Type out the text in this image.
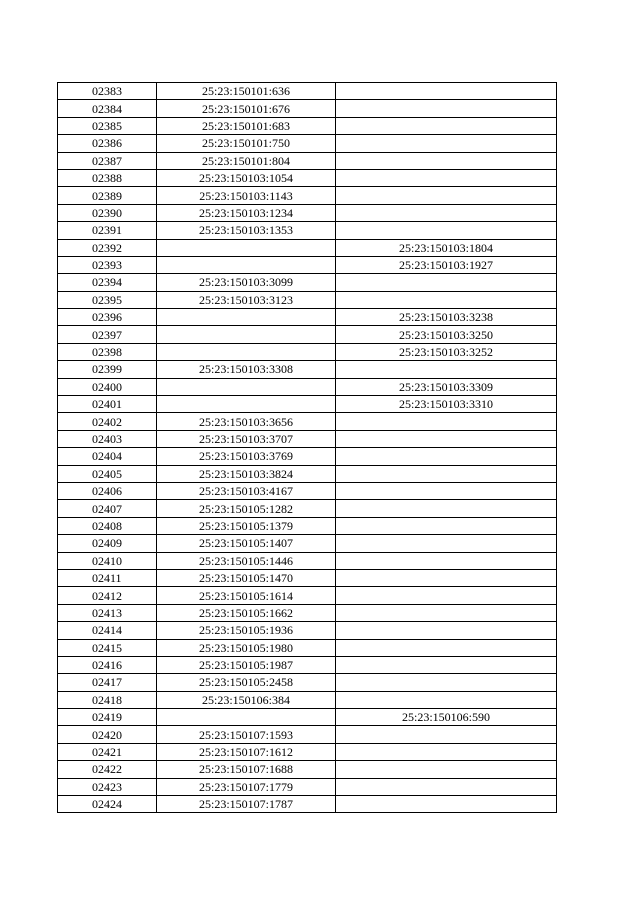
02383	25:23:150101:636	
02384	25:23:150101:676	
02385	25:23:150101:683	
02386	25:23:150101:750	
02387	25:23:150101:804	
02388	25:23:150103:1054	
02389	25:23:150103:1143	
02390	25:23:150103:1234	
02391	25:23:150103:1353	
02392		25:23:150103:1804
02393		25:23:150103:1927
02394	25:23:150103:3099	
02395	25:23:150103:3123	
02396		25:23:150103:3238
02397		25:23:150103:3250
02398		25:23:150103:3252
02399	25:23:150103:3308	
02400		25:23:150103:3309
02401		25:23:150103:3310
02402	25:23:150103:3656	
02403	25:23:150103:3707	
02404	25:23:150103:3769	
02405	25:23:150103:3824	
02406	25:23:150103:4167	
02407	25:23:150105:1282	
02408	25:23:150105:1379	
02409	25:23:150105:1407	
02410	25:23:150105:1446	
02411	25:23:150105:1470	
02412	25:23:150105:1614	
02413	25:23:150105:1662	
02414	25:23:150105:1936	
02415	25:23:150105:1980	
02416	25:23:150105:1987	
02417	25:23:150105:2458	
02418	25:23:150106:384	
02419		25:23:150106:590
02420	25:23:150107:1593	
02421	25:23:150107:1612	
02422	25:23:150107:1688	
02423	25:23:150107:1779	
02424	25:23:150107:1787	
